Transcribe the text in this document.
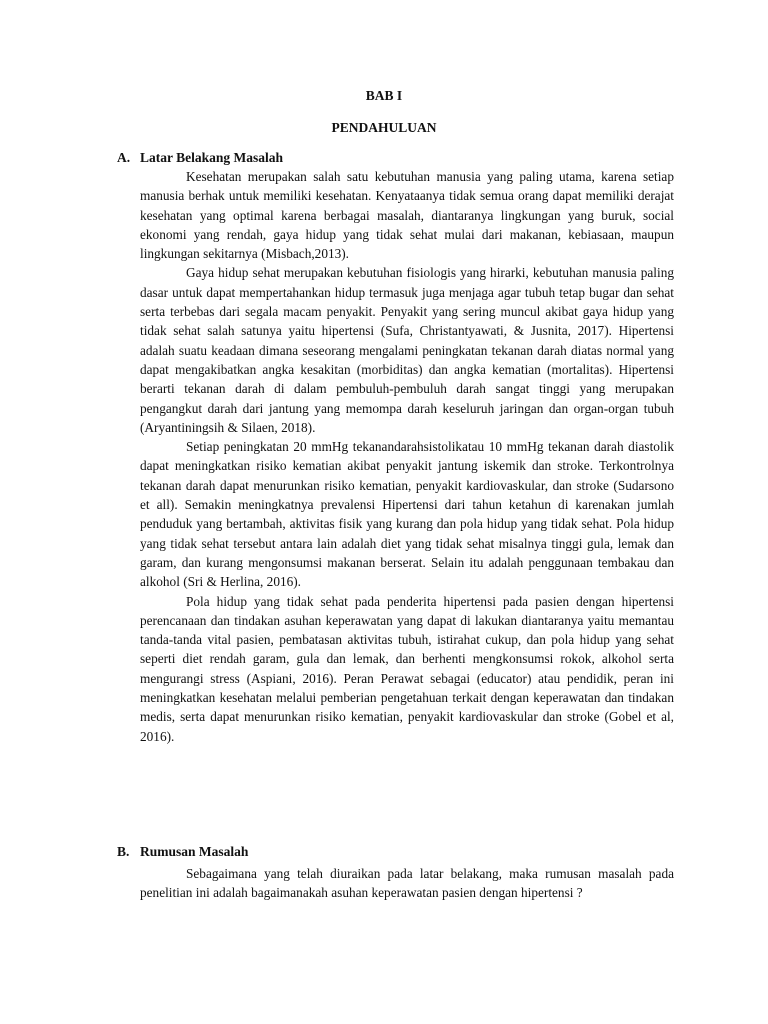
BAB I
PENDAHULUAN
A. Latar Belakang Masalah

Kesehatan merupakan salah satu kebutuhan manusia yang paling utama, karena setiap manusia berhak untuk memiliki kesehatan. Kenyataanya tidak semua orang dapat memiliki derajat kesehatan yang optimal karena berbagai masalah, diantaranya lingkungan yang buruk, social ekonomi yang rendah, gaya hidup yang tidak sehat mulai dari makanan, kebiasaan, maupun lingkungan sekitarnya (Misbach,2013).

Gaya hidup sehat merupakan kebutuhan fisiologis yang hirarki, kebutuhan manusia paling dasar untuk dapat mempertahankan hidup termasuk juga menjaga agar tubuh tetap bugar dan sehat serta terbebas dari segala macam penyakit. Penyakit yang sering muncul akibat gaya hidup yang tidak sehat salah satunya yaitu hipertensi (Sufa, Christantyawati, & Jusnita, 2017). Hipertensi adalah suatu keadaan dimana seseorang mengalami peningkatan tekanan darah diatas normal yang dapat mengakibatkan angka kesakitan (morbiditas) dan angka kematian (mortalitas). Hipertensi berarti tekanan darah di dalam pembuluh-pembuluh darah sangat tinggi yang merupakan pengangkut darah dari jantung yang memompa darah keseluruh jaringan dan organ-organ tubuh (Aryantiningsih & Silaen, 2018).

Setiap peningkatan 20 mmHg tekanandarahsistolikatau 10 mmHg tekanan darah diastolik dapat meningkatkan risiko kematian akibat penyakit jantung iskemik dan stroke. Terkontrolnya tekanan darah dapat menurunkan risiko kematian, penyakit kardiovaskular, dan stroke (Sudarsono et all). Semakin meningkatnya prevalensi Hipertensi dari tahun ketahun di karenakan jumlah penduduk yang bertambah, aktivitas fisik yang kurang dan pola hidup yang tidak sehat. Pola hidup yang tidak sehat tersebut antara lain adalah diet yang tidak sehat misalnya tinggi gula, lemak dan garam, dan kurang mengonsumsi makanan berserat. Selain itu adalah penggunaan tembakau dan alkohol (Sri & Herlina, 2016).

Pola hidup yang tidak sehat pada penderita hipertensi pada pasien dengan hipertensi perencanaan dan tindakan asuhan keperawatan yang dapat di lakukan diantaranya yaitu memantau tanda-tanda vital pasien, pembatasan aktivitas tubuh, istirahat cukup, dan pola hidup yang sehat seperti diet rendah garam, gula dan lemak, dan berhenti mengkonsumsi rokok, alkohol serta mengurangi stress (Aspiani, 2016). Peran Perawat sebagai (educator) atau pendidik, peran ini meningkatkan kesehatan melalui pemberian pengetahuan terkait dengan keperawatan dan tindakan medis, serta dapat menurunkan risiko kematian, penyakit kardiovaskular dan stroke (Gobel et al, 2016).

B. Rumusan Masalah

Sebagaimana yang telah diuraikan pada latar belakang, maka rumusan masalah pada penelitian ini adalah bagaimanakah asuhan keperawatan pasien dengan hipertensi ?
